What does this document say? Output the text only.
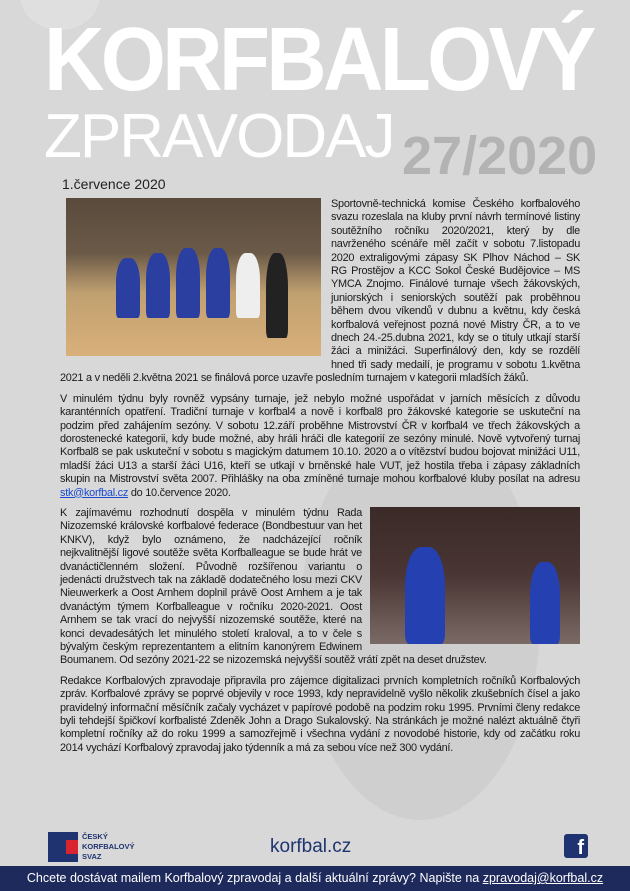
KORFBALOVÝ
ZPRAVODAJ 27/2020
1.července 2020

Sportovně-technická komise Českého korfbalového svazu rozeslala na kluby první návrh termínové listiny soutěžního ročníku 2020/2021, který by dle navrženého scénáře měl začít v sobotu 7.listopadu 2020 extraligovými zápasy SK Plhov Náchod – SK RG Prostějov a KCC Sokol České Budějovice – MS YMCA Znojmo. Finálové turnaje všech žákovských, juniorských i seniorských soutěží pak proběhnou během dvou víkendů v dubnu a květnu, kdy česká korfbalová veřejnost pozná nové Mistry ČR, a to ve dnech 24.-25.dubna 2021, kdy se o tituly utkají starší žáci a minižáci. Superfinálový den, kdy se rozdělí hned tři sady medailí, je programu v sobotu 1.května 2021 a v neděli 2.května 2021 se finálová porce uzavře posledním turnajem v kategorii mladších žáků.

V minulém týdnu byly rovněž vypsány turnaje, jež nebylo možné uspořádat v jarních měsících z důvodu karanténních opatření. Tradiční turnaje v korfbal4 a nově i korfbal8 pro žákovské kategorie se uskuteční na podzim před zahájením sezóny. V sobotu 12.září proběhne Mistrovství ČR v korfbal4 ve třech žákovských a dorostenecké kategorii, kdy bude možné, aby hráli hráči dle kategorií ze sezóny minulé. Nově vytvořený turnaj Korfbal8 se pak uskuteční v sobotu s magickým datumem 10.10. 2020 a o vítězství budou bojovat minižáci U11, mladší žáci U13 a starší žáci U16, kteří se utkají v brněnské hale VUT, jež hostila třeba i zápasy základních skupin na Mistrovství světa 2007. Přihlášky na oba zmíněné turnaje mohou korfbalové kluby posílat na adresu stk@korfbal.cz do 10.července 2020.

K zajímavému rozhodnutí dospěla v minulém týdnu Rada Nizozemské královské korfbalové federace (Bondbestuur van het KNKV), když bylo oznámeno, že nadcházející ročník nejkvalitnější ligové soutěže světa Korfballeague se bude hrát ve dvanáctičlenném složení. Původně rozšířenou variantu o jedenácti družstvech tak na základě dodatečného losu mezi CKV Nieuwerkerk a Oost Arnhem doplnil právě Oost Arnhem a je tak dvanáctým týmem Korfballeague v ročníku 2020-2021. Oost Arnhem se tak vrací do nejvyšší nizozemské soutěže, které na konci devadesátých let minulého století kraloval, a to v čele s bývalým českým reprezentantem a elitním kanonýrem Edwinem Boumanem. Od sezóny 2021-22 se nizozemská nejvyšší soutěž vrátí zpět na deset družstev.

Redakce Korfbalových zpravodaje připravila pro zájemce digitalizaci prvních kompletních ročníků Korfbalových zpráv. Korfbalové zprávy se poprvé objevily v roce 1993, kdy nepravidelně vyšlo několik zkušebních čísel a jako pravidelný informační měsíčník začaly vycházet v papírové podobě na podzim roku 1995. Prvními členy redakce byli tehdejší špičkoví korfbalisté Zdeněk John a Drago Sukalovský. Na stránkách je možné nalézt aktuálně čtyři kompletní ročníky až do roku 1999 a samozřejmě i všechna vydání z novodobé historie, kdy od začátku roku 2014 vychází Korfbalový zpravodaj jako týdenník a má za sebou více než 300 vydání.

ČESKÝ
KORFBALOVÝ
SVAZ	korfbal.cz	f
Chcete dostávat mailem Korfbalový zpravodaj a další aktuální zprávy? Napište na zpravodaj@korfbal.cz
